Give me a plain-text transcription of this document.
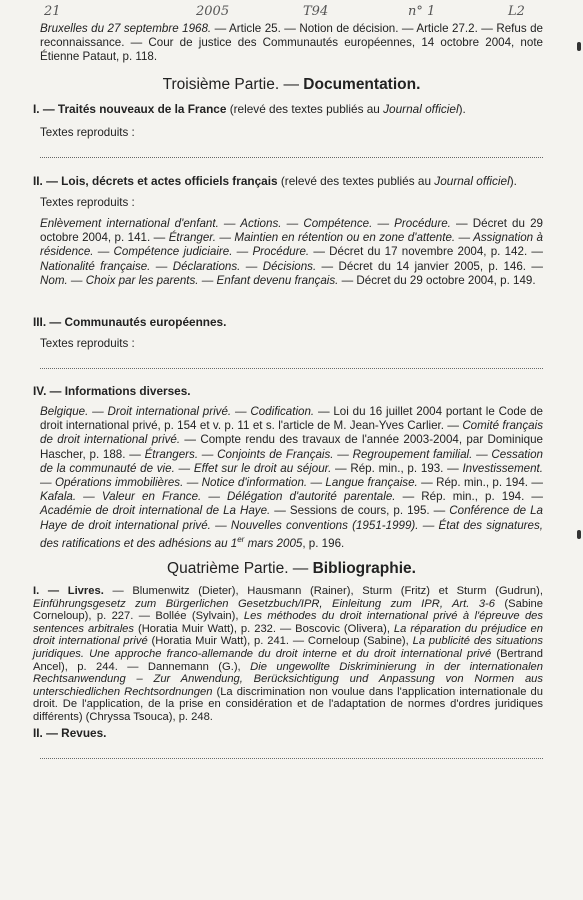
21	2005	T94	n° 1	L2

Bruxelles du 27 septembre 1968. — Article 25. — Notion de décision. — Article 27.2. — Refus de reconnaissance. — Cour de justice des Communautés européennes, 14 octobre 2004, note Étienne Pataut, p. 118.

Troisième Partie. — Documentation.
I. — Traités nouveaux de la France (relevé des textes publiés au Journal officiel).
Textes reproduits :
II. — Lois, décrets et actes officiels français (relevé des textes publiés au Journal officiel).
Textes reproduits :

Enlèvement international d'enfant. — Actions. — Compétence. — Procédure. — Décret du 29 octobre 2004, p. 141. — Étranger. — Maintien en rétention ou en zone d'attente. — Assignation à résidence. — Compétence judiciaire. — Procédure. — Décret du 17 novembre 2004, p. 142. — Nationalité française. — Déclarations. — Décisions. — Décret du 14 janvier 2005, p. 146. — Nom. — Choix par les parents. — Enfant devenu français. — Décret du 29 octobre 2004, p. 149.

III. — Communautés européennes.
Textes reproduits :
IV. — Informations diverses.

Belgique. — Droit international privé. — Codification. — Loi du 16 juillet 2004 portant le Code de droit international privé, p. 154 et v. p. 11 et s. l'article de M. Jean-Yves Carlier. — Comité français de droit international privé. — Compte rendu des travaux de l'année 2003-2004, par Dominique Hascher, p. 188. — Étrangers. — Conjoints de Français. — Regroupement familial. — Cessation de la communauté de vie. — Effet sur le droit au séjour. — Rép. min., p. 193. — Investissement. — Opérations immobilières. — Notice d'information. — Langue française. — Rép. min., p. 194. — Kafala. — Valeur en France. — Délégation d'autorité parentale. — Rép. min., p. 194. — Académie de droit international de La Haye. — Sessions de cours, p. 195. — Conférence de La Haye de droit international privé. — Nouvelles conventions (1951-1999). — État des signatures, des ratifications et des adhésions au 1er mars 2005, p. 196.

Quatrième Partie. — Bibliographie.

I. — Livres. — Blumenwitz (Dieter), Hausmann (Rainer), Sturm (Fritz) et Sturm (Gudrun), Einführungsgesetz zum Bürgerlichen Gesetzbuch/IPR, Einleitung zum IPR, Art. 3-6 (Sabine Corneloup), p. 227. — Bollée (Sylvain), Les méthodes du droit international privé à l'épreuve des sentences arbitrales (Horatia Muir Watt), p. 232. — Boscovic (Olivera), La réparation du préjudice en droit international privé (Horatia Muir Watt), p. 241. — Corneloup (Sabine), La publicité des situations juridiques. Une approche franco-allemande du droit interne et du droit international privé (Bertrand Ancel), p. 244. — Dannemann (G.), Die ungewollte Diskriminierung in der internationalen Rechtsanwendung – Zur Anwendung, Berücksichtigung und Anpassung von Normen aus unterschiedlichen Rechtsordnungen (La discrimination non voulue dans l'application internationale du droit. De l'application, de la prise en considération et de l'adaptation de normes d'ordres juridiques différents) (Chryssa Tsouca), p. 248.

II. — Revues.
